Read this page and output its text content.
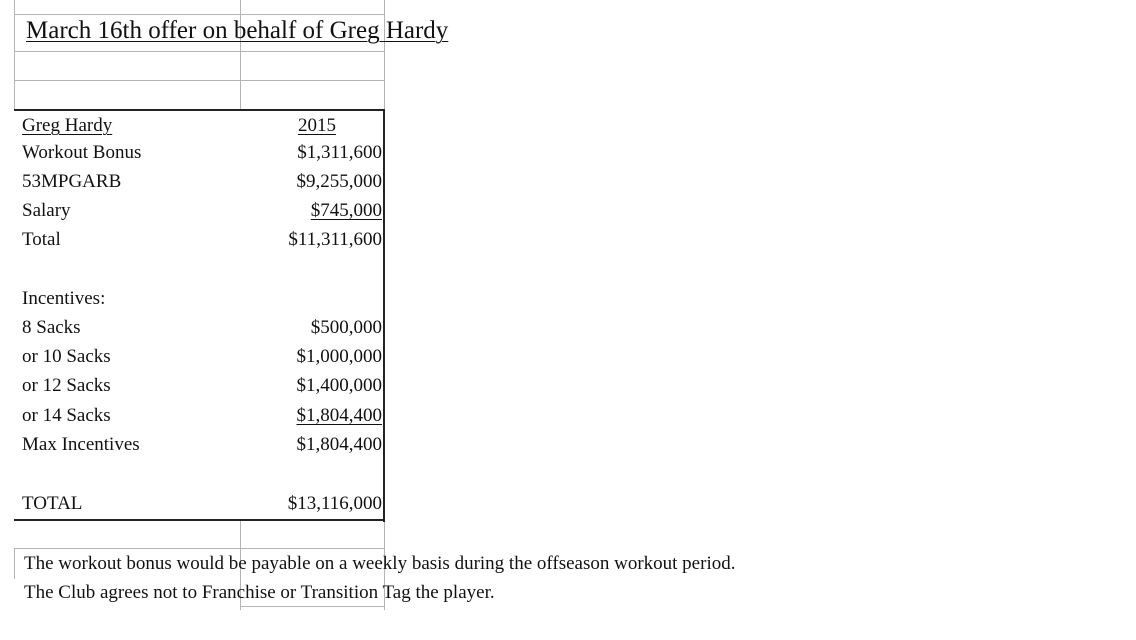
March 16th offer on behalf of Greg Hardy
Greg Hardy	2015
Workout Bonus	$1,311,600
53MPGARB	$9,255,000
Salary	$745,000
Total	$11,311,600
Incentives:
8 Sacks	$500,000
or 10 Sacks	$1,000,000
or 12 Sacks	$1,400,000
or 14 Sacks	$1,804,400
Max Incentives	$1,804,400
TOTAL	$13,116,000
The workout bonus would be payable on a weekly basis during the offseason workout period.
The Club agrees not to Franchise or Transition Tag the player.
